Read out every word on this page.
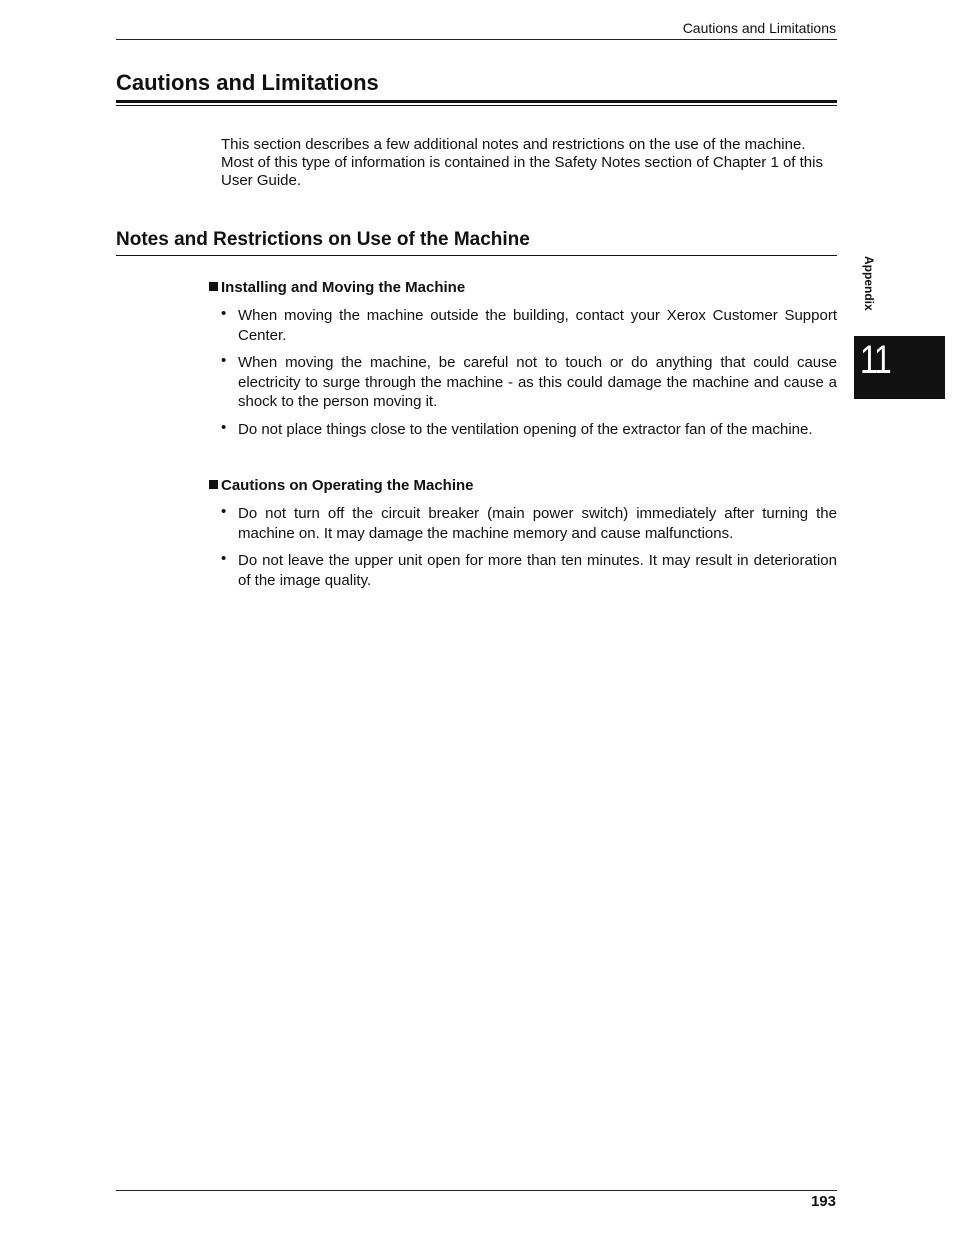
Cautions and Limitations
Cautions and Limitations

This section describes a few additional notes and restrictions on the use of the machine. Most of this type of information is contained in the Safety Notes section of Chapter 1 of this User Guide.

Notes and Restrictions on Use of the Machine
Installing and Moving the Machine
• When moving the machine outside the building, contact your Xerox Customer Support Center.
• When moving the machine, be careful not to touch or do anything that could cause electricity to surge through the machine - as this could damage the machine and cause a shock to the person moving it.
• Do not place things close to the ventilation opening of the extractor fan of the machine.
Cautions on Operating the Machine
• Do not turn off the circuit breaker (main power switch) immediately after turning the machine on. It may damage the machine memory and cause malfunctions.
• Do not leave the upper unit open for more than ten minutes. It may result in deterioration of the image quality.
Appendix
11
193
